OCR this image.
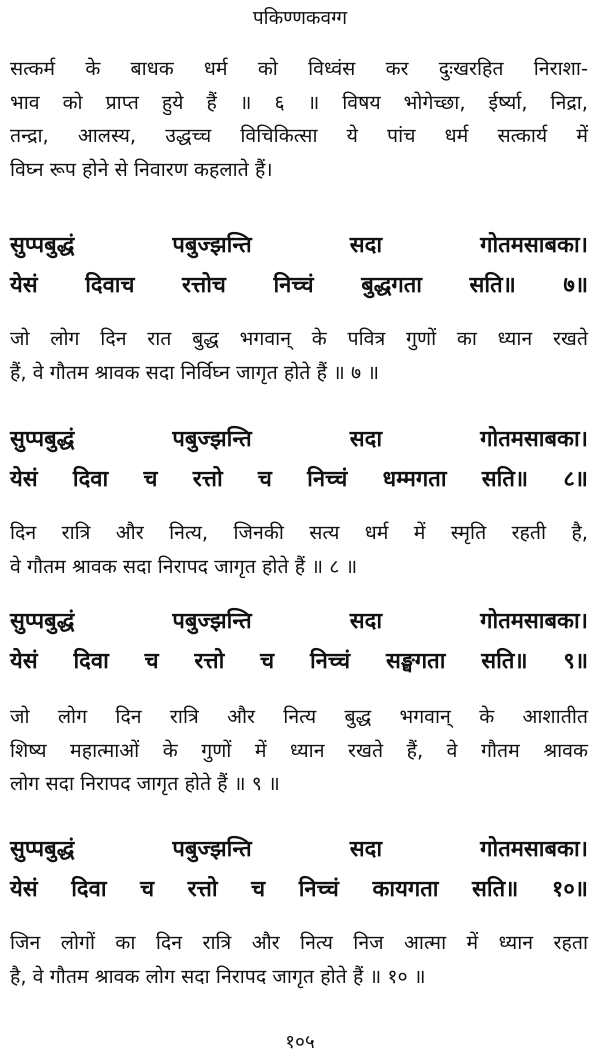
पकिण्णकवग्ग
सत्कर्म के बाधक धर्म को विध्वंस कर दुःखरहित निराशा-
भाव को प्राप्त हुये हैं ॥ ६ ॥ विषय भोगेच्छा, ईर्ष्या, निद्रा,
तन्द्रा, आलस्य, उद्धच्च विचिकित्सा ये पांच धर्म सत्कार्य में
विघ्न रूप होने से निवारण कहलाते हैं।
सुप्पबुद्धं पबुज्झन्ति सदा गोतमसाबका।
येसं दिवाच रत्तोच निच्चं बुद्धगता सति॥ ७॥
जो लोग दिन रात बुद्ध भगवान् के पवित्र गुणों का ध्यान रखते
हैं, वे गौतम श्रावक सदा निर्विघ्न जागृत होते हैं ॥ ७ ॥
सुप्पबुद्धं पबुज्झन्ति सदा गोतमसाबका।
येसं दिवा च रत्तो च निच्चं धम्मगता सति॥ ८॥
दिन रात्रि और नित्य, जिनकी सत्य धर्म में स्मृति रहती है,
वे गौतम श्रावक सदा निरापद जागृत होते हैं ॥ ८ ॥
सुप्पबुद्धं पबुज्झन्ति सदा गोतमसाबका।
येसं दिवा च रत्तो च निच्चं सङ्घगता सति॥ ९॥
जो लोग दिन रात्रि और नित्य बुद्ध भगवान् के आशातीत
शिष्य महात्माओं के गुणों में ध्यान रखते हैं, वे गौतम श्रावक
लोग सदा निरापद जागृत होते हैं ॥ ९ ॥
सुप्पबुद्धं पबुज्झन्ति सदा गोतमसाबका।
येसं दिवा च रत्तो च निच्चं कायगता सति॥ १०॥
जिन लोगों का दिन रात्रि और नित्य निज आत्मा में ध्यान रहता
है, वे गौतम श्रावक लोग सदा निरापद जागृत होते हैं ॥ १० ॥
१०५
